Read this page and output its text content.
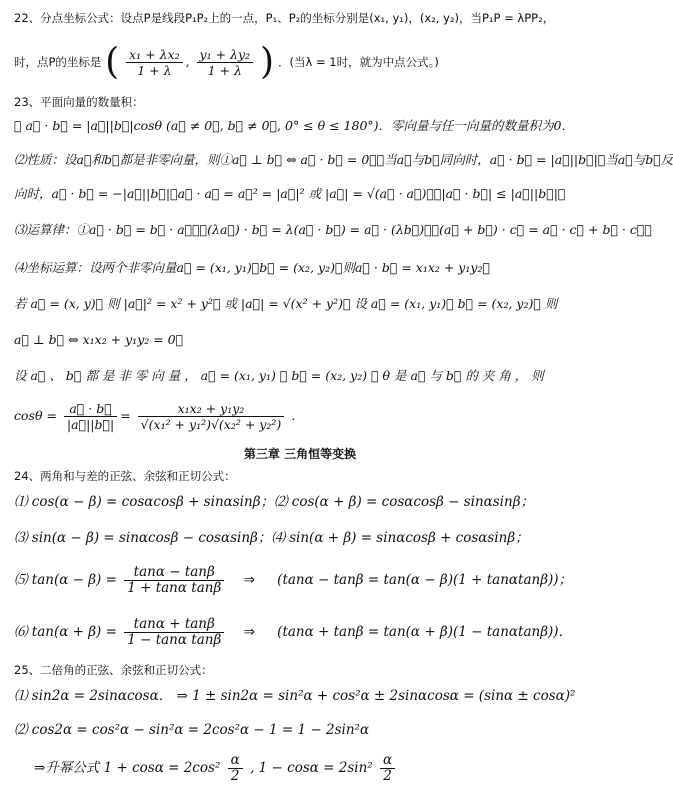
22、分点坐标公式：设点P是线段P₁P₂上的一点，P₁、P₂的坐标分别是(x₁, y₁)，(x₂, y₂)，当P₁P = λPP₂，
时，点P的坐标是 ( $\frac{\text{x₁ + λx₂}}{1 + \lambda}$ , $\frac{\text{y₁ + λy₂}}{1 + \lambda}$ ) ．(当λ = 1时，就为中点公式。)
23、平面向量的数量积：
⑴ a⃗ · b⃗ = |a⃗||b⃗|cosθ (a⃗ ≠ 0⃗, b⃗ ≠ 0⃗, 0° ≤ θ ≤ 180°)．零向量与任一向量的数量积为0．
⑵性质：设a⃗和b⃗都是非零向量，则①a⃗ ⊥ b⃗ ⇔ a⃗ · b⃗ = 0．②当a⃗与b⃗同向时，a⃗ · b⃗ = |a⃗||b⃗|；当a⃗与b⃗反
向时，a⃗ · b⃗ = −|a⃗||b⃗|；a⃗ · a⃗ = a⃗² = |a⃗|² 或 |a⃗| = √(a⃗ · a⃗)．③|a⃗ · b⃗| ≤ |a⃗||b⃗|．
⑶运算律：①a⃗ · b⃗ = b⃗ · a⃗；②(λa⃗) · b⃗ = λ(a⃗ · b⃗) = a⃗ · (λb⃗)；③(a⃗ + b⃗) · c⃗ = a⃗ · c⃗ + b⃗ · c⃗．
⑷坐标运算：设两个非零向量a⃗ = (x₁, y₁)，b⃗ = (x₂, y₂)，则a⃗ · b⃗ = x₁x₂ + y₁y₂．
若 a⃗ = (x, y)， 则 |a⃗|² = x² + y²， 或 |a⃗| = √(x² + y²)． 设 a⃗ = (x₁, y₁)， b⃗ = (x₂, y₂)， 则
a⃗ ⊥ b⃗ ⇔ x₁x₂ + y₁y₂ = 0．
设 a⃗ 、 b⃗ 都 是 非 零 向 量 ， a⃗ = (x₁, y₁) ， b⃗ = (x₂, y₂) ， θ 是 a⃗ 与 b⃗ 的 夹 角 ， 则
$\cos\theta = \frac{a⃗ \cdot b⃗}{|a⃗||b⃗|} = \frac{\text{x₁x₂ + y₁y₂}}{\text{√(x₁² + y₁²)√(x₂² + y₂²)}}$ ．
第三章 三角恒等变换
24、两角和与差的正弦、余弦和正切公式：
⑴ cos(α − β) = cosαcosβ + sinαsinβ；⑵ cos(α + β) = cosαcosβ − sinαsinβ；
⑶ sin(α − β) = sinαcosβ − cosαsinβ；⑷ sin(α + β) = sinαcosβ + cosαsinβ；
⑸ $\tan(\alpha - \beta) = \frac{\tan\alpha - \tan\beta}{\text{1 + tanα tanβ}}$ ⇒ (tanα − tanβ = tan(α − β)(1 + tanαtanβ))；
⑹ $\tan(\alpha + \beta) = \frac{\tan\alpha + \tan\beta}{\text{1 − tanα tanβ}}$ ⇒ (tanα + tanβ = tan(α + β)(1 − tanαtanβ))．
25、二倍角的正弦、余弦和正切公式：
⑴ sin2α = 2sinαcosα． ⇒ 1 ± sin2α = sin²α + cos²α ± 2sinαcosα = (sinα ± cosα)²
⑵ cos2α = cos²α − sin²α = 2cos²α − 1 = 1 − 2sin²α
⇒升幂公式 $1 + \cos\alpha = 2\cos^2 \frac{\alpha}{2}$ , $1 - \cos\alpha = 2\sin^2 \frac{\alpha}{2}$
